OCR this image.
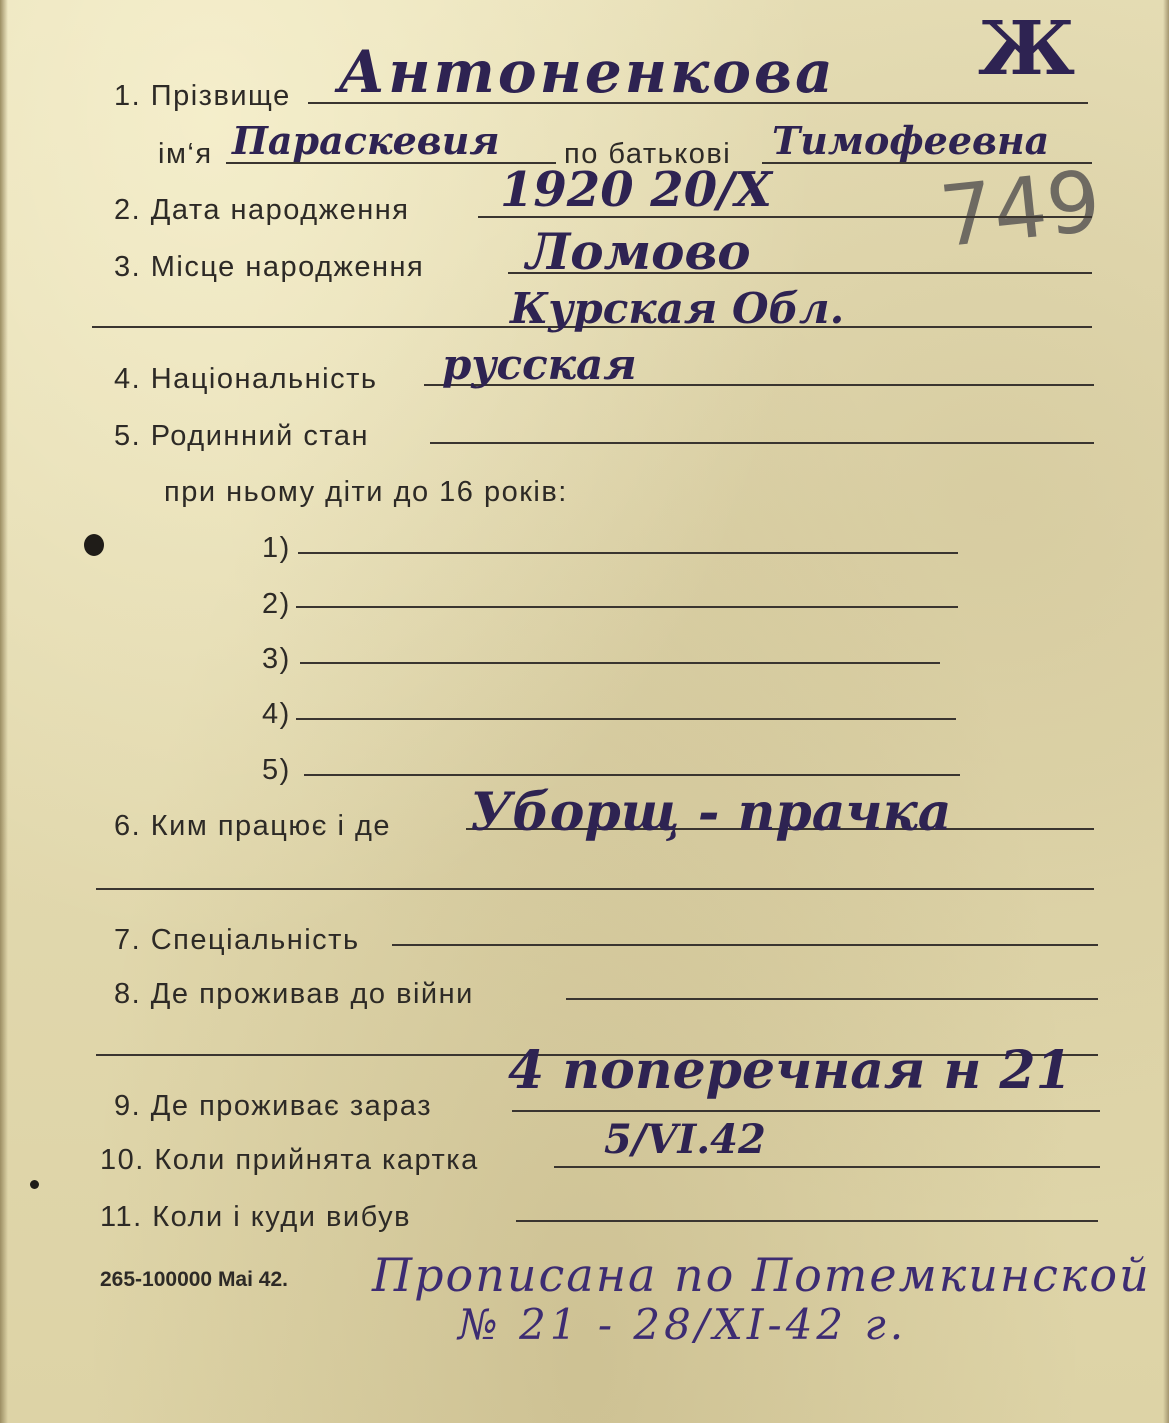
Ж
749
1. Прізвище Антоненкова
ім‘я Параскевия по батькові Тимофеевна
2. Дата народження 1920 20/X
3. Місце народження Ломово
Курская Обл.
4. Національність русская
5. Родинний стан
при ньому діти до 16 років:
1)
2)
3)
4)
5)
6. Ким працює і де Уборщ - прачка
7. Спеціальність
8. Де проживав до війни
9. Де проживає зараз
4 поперечная н 21
10. Коли прийнята картка	5/VI.42
11. Коли і куди вибув
265-100000 Mai 42. Прописана по Потемкинской
№ 21 - 28/XI-42 г.
